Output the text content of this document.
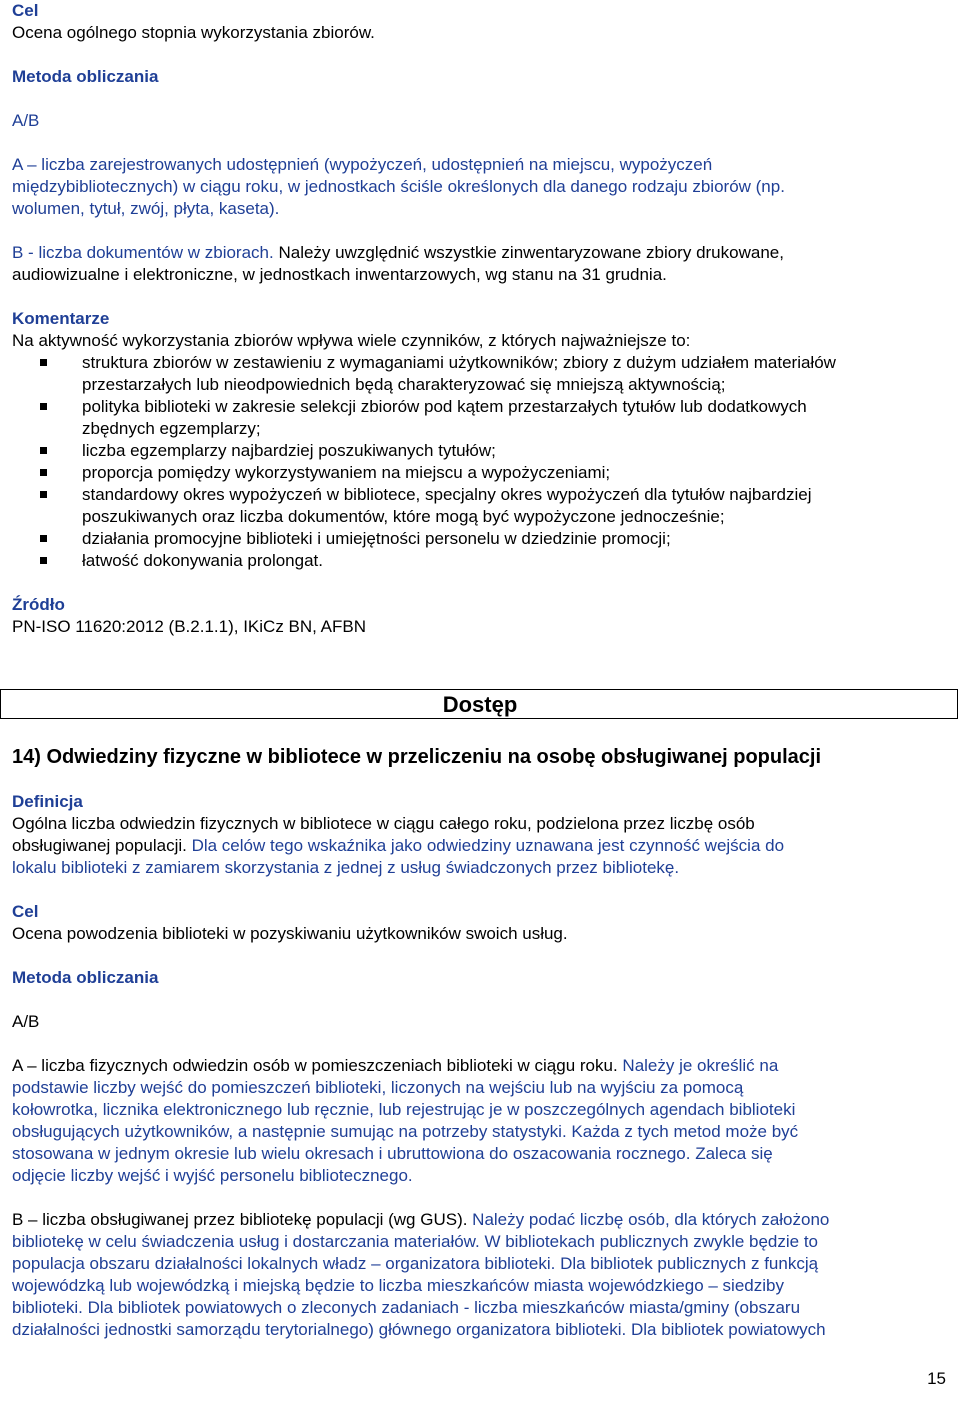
Cel

Ocena ogólnego stopnia wykorzystania zbiorów.

Metoda obliczania

A/B

A – liczba zarejestrowanych udostępnień (wypożyczeń, udostępnień na miejscu, wypożyczeń

międzybibliotecznych) w ciągu roku, w jednostkach ściśle określonych dla danego rodzaju zbiorów (np.

wolumen, tytuł, zwój, płyta, kaseta).

B - liczba dokumentów w zbiorach. Należy uwzględnić wszystkie zinwentaryzowane zbiory drukowane,

audiowizualne i elektroniczne, w jednostkach inwentarzowych, wg stanu na 31 grudnia.

Komentarze

Na aktywność wykorzystania zbiorów wpływa wiele czynników, z których najważniejsze to:

struktura zbiorów w zestawieniu z wymaganiami użytkowników; zbiory z dużym udziałem materiałów
przestarzałych lub nieodpowiednich będą charakteryzować się mniejszą aktywnością;
polityka biblioteki w zakresie selekcji zbiorów pod kątem przestarzałych tytułów lub dodatkowych
zbędnych egzemplarzy;
liczba egzemplarzy najbardziej poszukiwanych tytułów;
proporcja pomiędzy wykorzystywaniem na miejscu a wypożyczeniami;
standardowy okres wypożyczeń w bibliotece, specjalny okres wypożyczeń dla tytułów najbardziej
poszukiwanych oraz liczba dokumentów, które mogą być wypożyczone jednocześnie;
działania promocyjne biblioteki i umiejętności personelu w dziedzinie promocji;
łatwość dokonywania prolongat.

Źródło

PN-ISO 11620:2012 (B.2.1.1), IKiCz BN, AFBN

Dostęp

14) Odwiedziny fizyczne w bibliotece w przeliczeniu na osobę obsługiwanej populacji

Definicja

Ogólna liczba odwiedzin fizycznych w bibliotece w ciągu całego roku, podzielona przez liczbę osób

obsługiwanej populacji. Dla celów tego wskaźnika jako odwiedziny uznawana jest czynność wejścia do

lokalu biblioteki z zamiarem skorzystania z jednej z usług świadczonych przez bibliotekę.

Cel

Ocena powodzenia biblioteki w pozyskiwaniu użytkowników swoich usług.

Metoda obliczania

A/B

A – liczba fizycznych odwiedzin osób w pomieszczeniach biblioteki w ciągu roku. Należy je określić na

podstawie liczby wejść do pomieszczeń biblioteki, liczonych na wejściu lub na wyjściu za pomocą

kołowrotka, licznika elektronicznego lub ręcznie, lub rejestrując je w poszczególnych agendach biblioteki

obsługujących użytkowników, a następnie sumując na potrzeby statystyki. Każda z tych metod może być

stosowana w jednym okresie lub wielu okresach i ubruttowiona do oszacowania rocznego. Zaleca się

odjęcie liczby wejść i wyjść personelu bibliotecznego.

B – liczba obsługiwanej przez bibliotekę populacji (wg GUS). Należy podać liczbę osób, dla których założono

bibliotekę w celu świadczenia usług i dostarczania materiałów. W bibliotekach publicznych zwykle będzie to

populacja obszaru działalności lokalnych władz – organizatora biblioteki. Dla bibliotek publicznych z funkcją

wojewódzką lub wojewódzką i miejską będzie to liczba mieszkańców miasta wojewódzkiego – siedziby

biblioteki. Dla bibliotek powiatowych o zleconych zadaniach - liczba mieszkańców miasta/gminy (obszaru

działalności jednostki samorządu terytorialnego) głównego organizatora biblioteki. Dla bibliotek powiatowych

15
